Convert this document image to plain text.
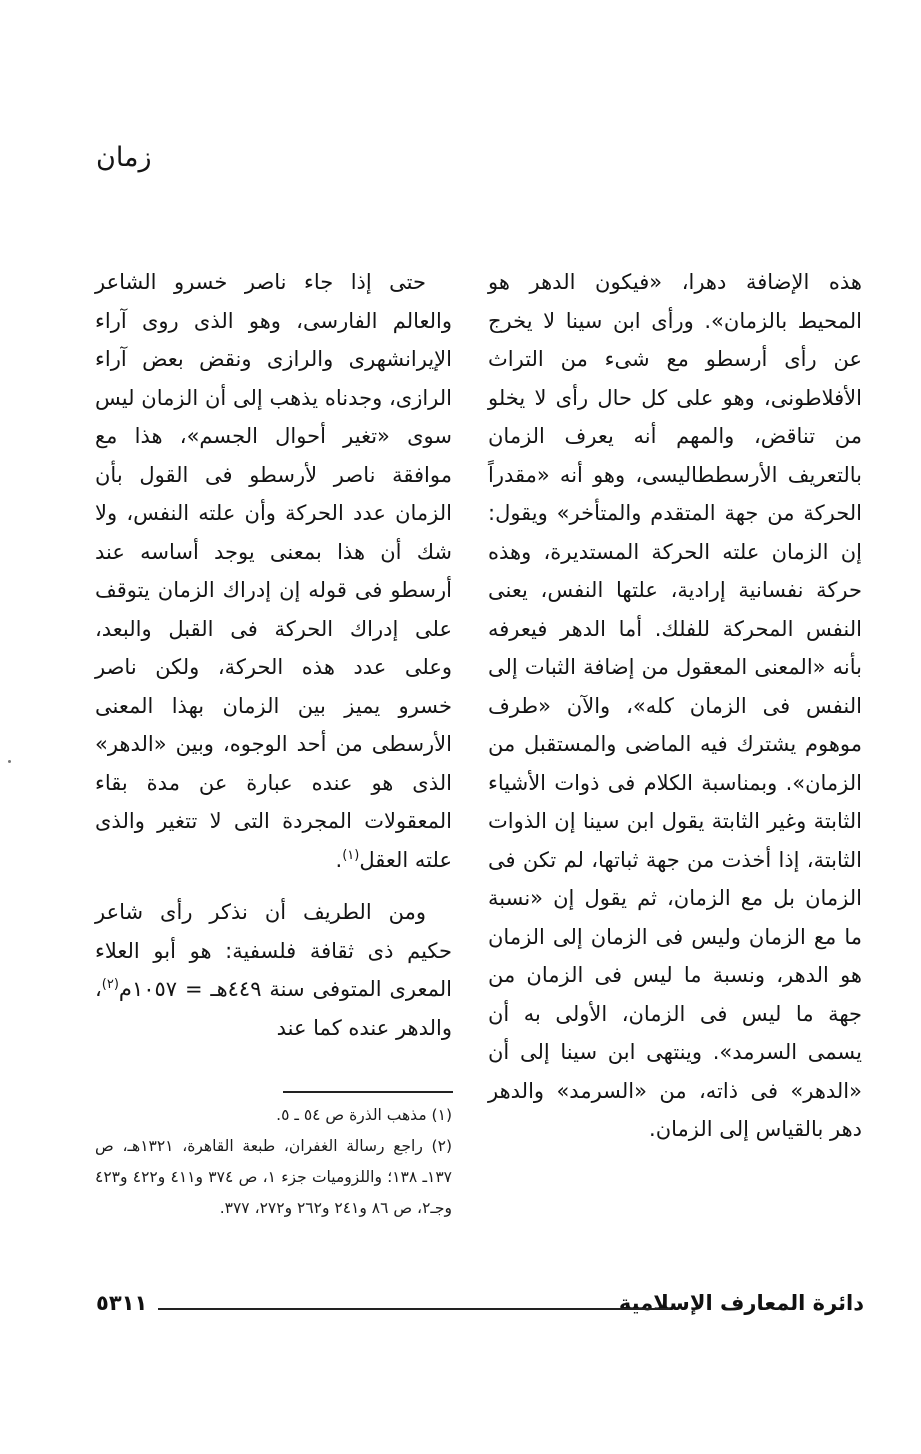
زمان

هذه الإضافة دهرا، «فيكون الدهر هو المحيط بالزمان». ورأى ابن سينا لا يخرج عن رأى أرسطو مع شىء من التراث الأفلاطونى، وهو على كل حال رأى لا يخلو من تناقض، والمهم أنه يعرف الزمان بالتعريف الأرسططاليسى، وهو أنه «مقدراً الحركة من جهة المتقدم والمتأخر» ويقول: إن الزمان علته الحركة المستديرة، وهذه حركة نفسانية إرادية، علتها النفس، يعنى النفس المحركة للفلك. أما الدهر فيعرفه بأنه «المعنى المعقول من إضافة الثبات إلى النفس فى الزمان كله»، والآن «طرف موهوم يشترك فيه الماضى والمستقبل من الزمان». وبمناسبة الكلام فى ذوات الأشياء الثابتة وغير الثابتة يقول ابن سينا إن الذوات الثابتة، إذا أخذت من جهة ثباتها، لم تكن فى الزمان بل مع الزمان، ثم يقول إن «نسبة ما مع الزمان وليس فى الزمان إلى الزمان هو الدهر، ونسبة ما ليس فى الزمان من جهة ما ليس فى الزمان، الأولى به أن يسمى السرمد». وينتهى ابن سينا إلى أن «الدهر» فى ذاته، من «السرمد» والدهر دهر بالقياس إلى الزمان.

حتى إذا جاء ناصر خسرو الشاعر والعالم الفارسى، وهو الذى روى آراء الإيرانشهرى والرازى ونقض بعض آراء الرازى، وجدناه يذهب إلى أن الزمان ليس سوى «تغير أحوال الجسم»، هذا مع موافقة ناصر لأرسطو فى القول بأن الزمان عدد الحركة وأن علته النفس، ولا شك أن هذا بمعنى يوجد أساسه عند أرسطو فى قوله إن إدراك الزمان يتوقف على إدراك الحركة فى القبل والبعد، وعلى عدد هذه الحركة، ولكن ناصر خسرو يميز بين الزمان بهذا المعنى الأرسطى من أحد الوجوه، وبين «الدهر» الذى هو عنده عبارة عن مدة بقاء المعقولات المجردة التى لا تتغير والذى علته العقل$^{(١)}$.

ومن الطريف أن نذكر رأى شاعر حكيم ذى ثقافة فلسفية: هو أبو العلاء المعرى المتوفى سنة ٤٤٩هـ = ١٠٥٧م$^{(٢)}$، والدهر عنده كما عند

(١) مذهب الذرة ص ٥٤ ـ ٥.

(٢) راجع رسالة الغفران، طبعة القاهرة، ١٣٢١هـ، ص ١٣٧ـ ١٣٨؛ واللزوميات جزء ١، ص ٣٧٤ و٤١١ و٤٢٢ و٤٢٣ وجـ٢، ص ٨٦ و٢٤١ و٢٦٢ و٢٧٢، ٣٧٧.

دائرة المعارف الإسلامية
٥٣١١
